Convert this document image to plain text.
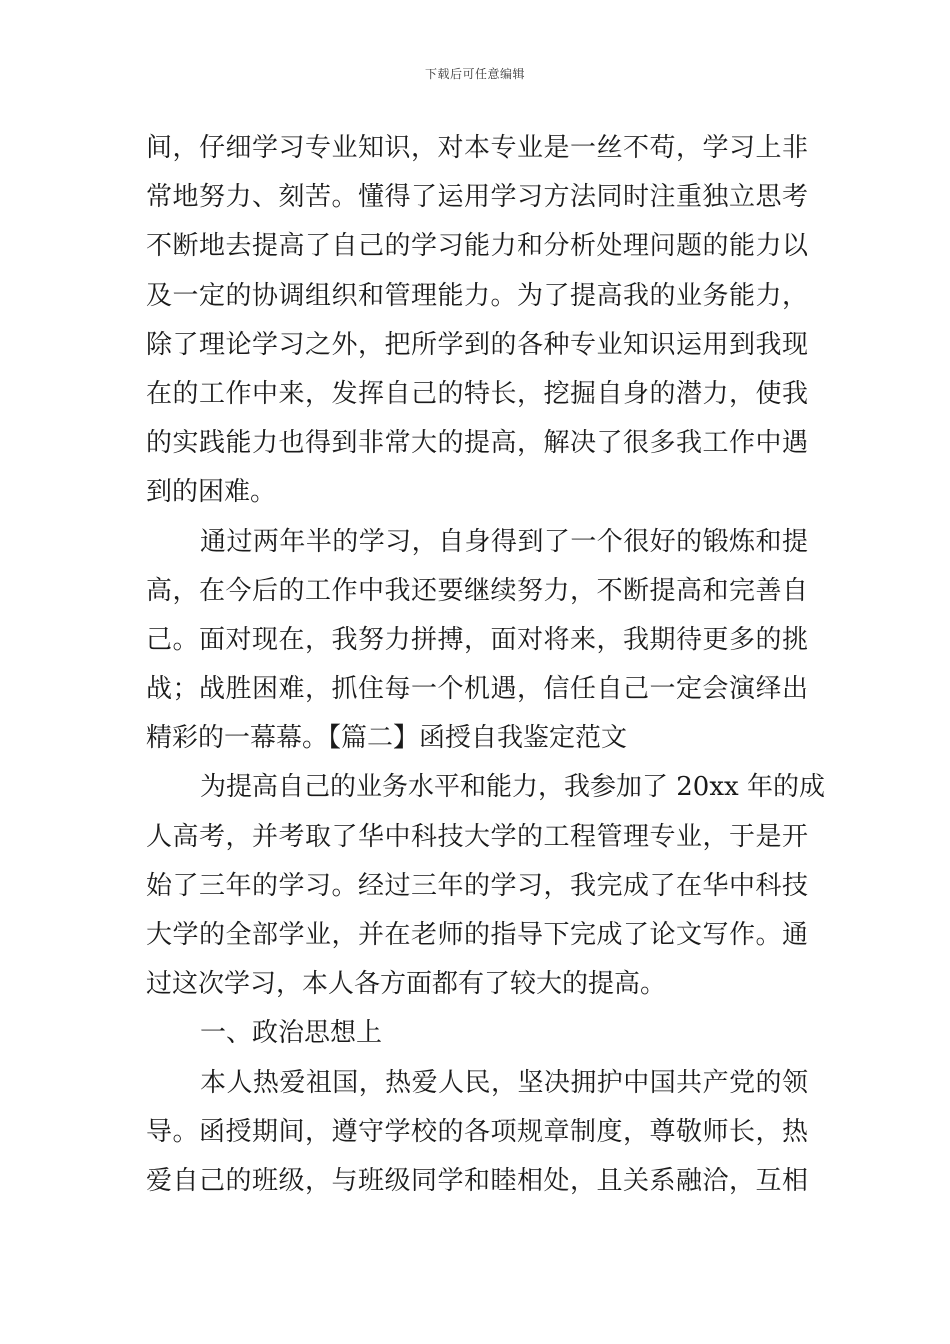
下载后可任意编辑
间，仔细学习专业知识，对本专业是一丝不苟，学习上非
常地努力、刻苦。懂得了运用学习方法同时注重独立思考
不断地去提高了自己的学习能力和分析处理问题的能力以
及一定的协调组织和管理能力。为了提高我的业务能力，
除了理论学习之外，把所学到的各种专业知识运用到我现
在的工作中来，发挥自己的特长，挖掘自身的潜力，使我
的实践能力也得到非常大的提高，解决了很多我工作中遇
到的困难。
通过两年半的学习，自身得到了一个很好的锻炼和提
高，在今后的工作中我还要继续努力，不断提高和完善自
己。面对现在，我努力拼搏，面对将来，我期待更多的挑
战；战胜困难，抓住每一个机遇，信任自己一定会演绎出
精彩的一幕幕。【篇二】函授自我鉴定范文
为提高自己的业务水平和能力，我参加了 20xx 年的成
人高考，并考取了华中科技大学的工程管理专业，于是开
始了三年的学习。经过三年的学习，我完成了在华中科技
大学的全部学业，并在老师的指导下完成了论文写作。通
过这次学习，本人各方面都有了较大的提高。
一、政治思想上
本人热爱祖国，热爱人民，坚决拥护中国共产党的领
导。函授期间，遵守学校的各项规章制度，尊敬师长，热
爱自己的班级，与班级同学和睦相处，且关系融洽，互相
